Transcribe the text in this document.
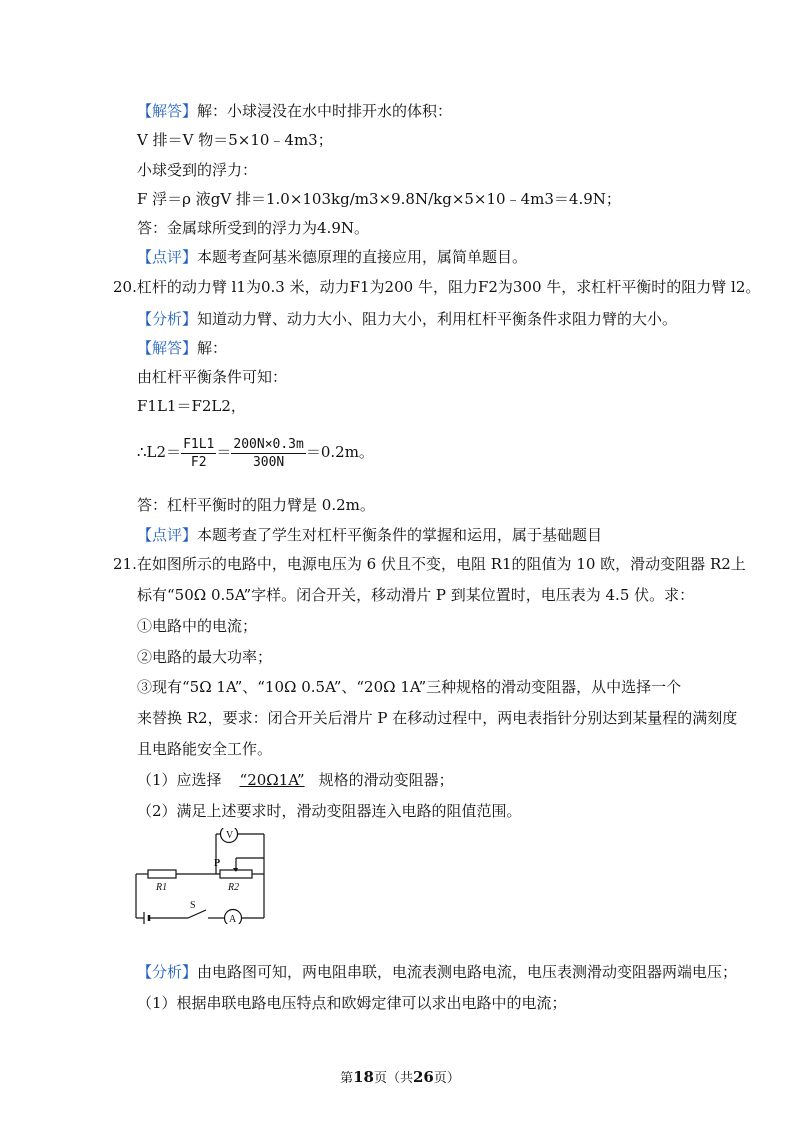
【解答】解：小球浸没在水中时排开水的体积：
V 排＝V 物＝5×10﹣4m3；
小球受到的浮力：
F 浮＝ρ 液gV 排＝1.0×103kg/m3×9.8N/kg×5×10﹣4m3＝4.9N；
答：金属球所受到的浮力为4.9N。
【点评】本题考查阿基米德原理的直接应用，属简单题目。
20.杠杆的动力臂 l1为0.3 米，动力F1为200 牛，阻力F2为300 牛，求杠杆平衡时的阻力臂 l2。
【分析】知道动力臂、动力大小、阻力大小，利用杠杆平衡条件求阻力臂的大小。
【解答】解：
由杠杆平衡条件可知：
F1L1＝F2L2，
∴L2＝ $\frac{F1L1}{F2} = \frac{200N\times 0.3m}{300N} =0.2m$。
答：杠杆平衡时的阻力臂是 0.2m。
【点评】本题考查了学生对杠杆平衡条件的掌握和运用，属于基础题目
21.在如图所示的电路中，电源电压为 6 伏且不变，电阻 R1的阻值为 10 欧，滑动变阻器 R2上
标有“50Ω 0.5A”字样。闭合开关，移动滑片 P 到某位置时，电压表为 4.5 伏。求：
①电路中的电流；
②电路的最大功率；
③现有“5Ω 1A”、“10Ω 0.5A”、“20Ω 1A”三种规格的滑动变阻器，从中选择一个
来替换 R2，要求：闭合开关后滑片 P 在移动过程中，两电表指针分别达到某量程的满刻度
且电路能安全工作。
（1）应选择 “20Ω1A” 规格的滑动变阻器；
（2）满足上述要求时，滑动变阻器连入电路的阻值范围。
V
A
P
R1	R2
S
【分析】由电路图可知，两电阻串联，电流表测电路电流，电压表测滑动变阻器两端电压；
（1）根据串联电路电压特点和欧姆定律可以求出电路中的电流；
第18页（共26页）
